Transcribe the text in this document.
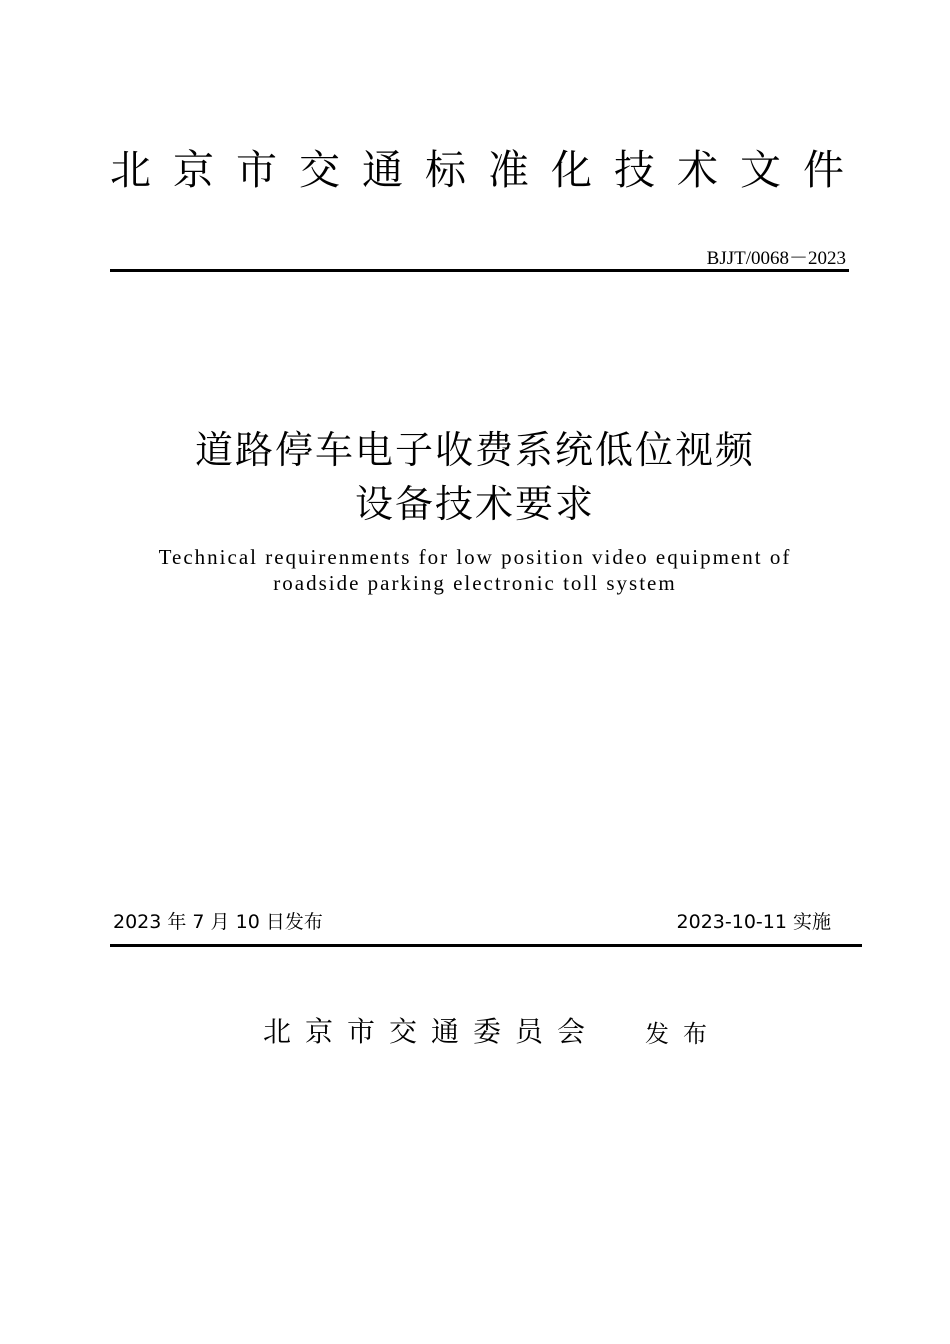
北京市交通标准化技术文件
BJJT/0068－2023
道路停车电子收费系统低位视频
设备技术要求
Technical requirenments for low position video equipment of
roadside parking electronic toll system
2023 年 7 月 10 日发布	2023-10-11 实施
北京市交通委员会 发布
